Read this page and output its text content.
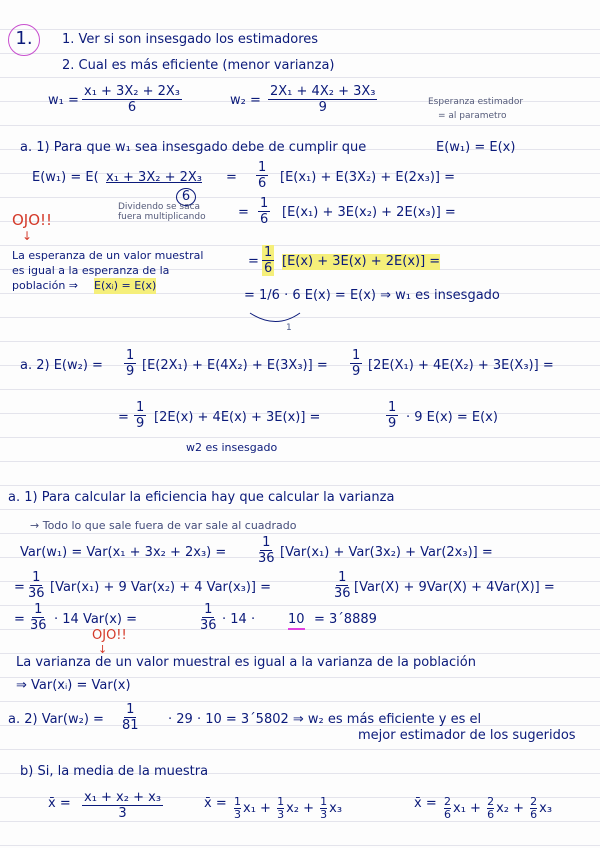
1.	1. Ver si son insesgado los estimadores
2. Cual es más eficiente (menor varianza)
$w_1 = \frac{\text{x₁ + 3X₂ + 2X₃}}{6}$	$w_2 = \frac{\text{2X₁ + 4X₂ + 3X₃}}{9}$	Esperanza estimador
= al parametro
a. 1) Para que w₁ sea insesgado debe de cumplir que	E(w₁) = E(x)
E(w₁) = E( x₁ + 3X₂ + 2X₃
6
= $\frac{1}{6} [E(x_1) + E(3X_2) + E(2x_3)]$ =
Dividendo se saca
fuera multiplicando = $\frac{1}{6} [E(x_1) + 3E(x_2) + 2E(x_3)]$ =
OJO!!
↓
La esperanza de un valor muestral
es igual a la esperanza de la
población ⇒ E(xᵢ) = E(x)
= $\frac{1}{6} [E(x) + 3E(x) + 2E(x)]$ =
= 1/6 · 6 E(x) = E(x) ⇒ w₁ es insesgado
1
a. 2) $E(w_2) = \frac{1}{9} [E(2X_1) + E(4X_2) + E(3X_3)] = \frac{1}{9} [2E(X_1) + 4E(X_2) + 3E(X_3)]$ =
= $\frac{1}{9} [2E(x) + 4E(x) + 3E(x)]$ =	$\frac{1}{9} \cdot 9$ E(x) = E(x)
w2 es insesgado
a. 1) Para calcular la eficiencia hay que calcular la varianza
→ Todo lo que sale fuera de var sale al cuadrado
$Var(w_1) = Var(x_1 + 3x_2 + 2x_3) = \frac{1}{36} [Var(x_1) + Var(3x_2) + Var(2x_3)]$ =
= $\frac{1}{36} [Var(x_1) + 9$ Var(x₂) + 4 Var(x₃)] =	$\frac{1}{36} [Var(X) + 9Var(X) + 4Var(X)]$ =
= $\frac{1}{36} \cdot 14$ Var(x) =	$\frac{1}{36} \cdot 14$ ·	10 = 3´8889
OJO!!
↓
La varianza de un valor muestral es igual a la varianza de la población
⇒ Var(xᵢ) = Var(x)
a. 2) $Var(w_2) = \frac{1}{81} \cdot 29 \cdot 10$ = 3´5802 ⇒ w₂ es más eficiente y es el
mejor estimador de los sugeridos
b) Si, la media de la muestra
x̄ = $\frac{\text{x₁ + x₂ + x₃}}{3}$	x̄ = $\frac{1}{3} x_1 + \frac{1}{3} x_2 + \frac{1}{3} x_3$	x̄ = $\frac{2}{6} x_1 + \frac{2}{6} x_2 + \frac{2}{6} x_3$
